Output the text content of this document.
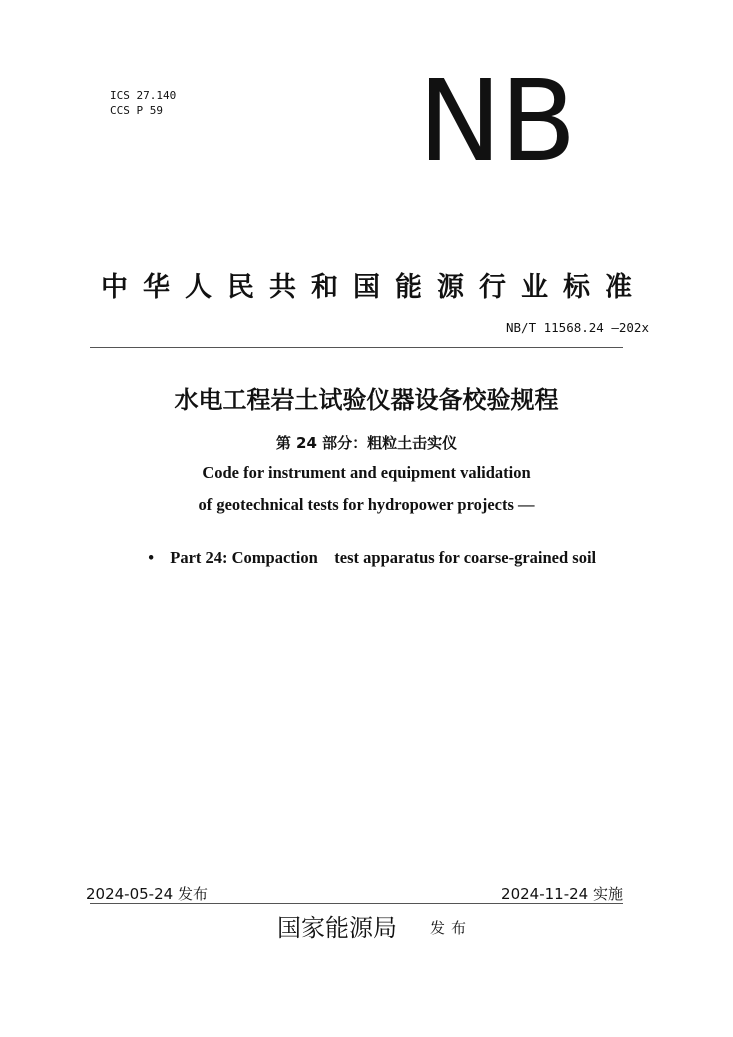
ICS 27.140
CCS P 59 NB
中华人民共和国能源行业标准
NB/T 11568.24 —202x
水电工程岩土试验仪器设备校验规程
第 24 部分：粗粒土击实仪
Code for instrument and equipment validation
of geotechnical tests for hydropower projects —

• Part 24: Compaction    test apparatus for coarse-grained soil

2024-05-24 发布	2024-11-24 实施
国家能源局 发布
